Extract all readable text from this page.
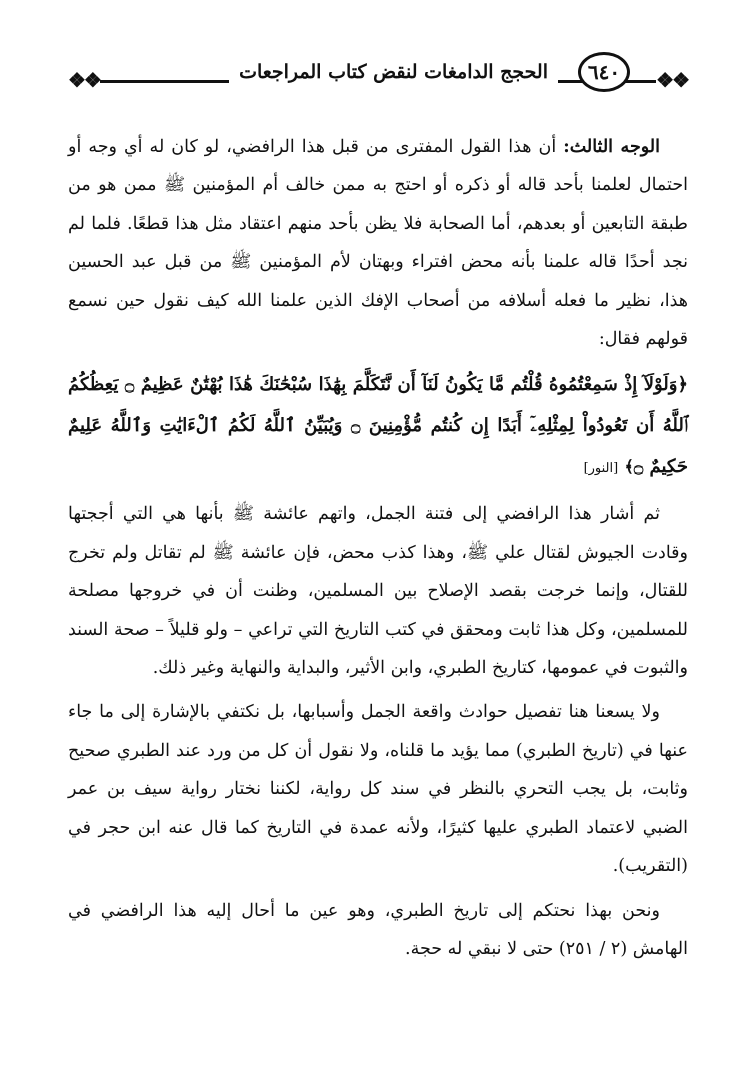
❖❖
٦٤٠
الحجج الدامغات لنقض كتاب المراجعات
❖❖

الوجه الثالث: أن هذا القول المفترى من قبل هذا الرافضي، لو كان له أي وجه أو احتمال لعلمنا بأحد قاله أو ذكره أو احتج به ممن خالف أم المؤمنين ﷺ ممن هو من طبقة التابعين أو بعدهم، أما الصحابة فلا يظن بأحد منهم اعتقاد مثل هذا قطعًا. فلما لم نجد أحدًا قاله علمنا بأنه محض افتراء وبهتان لأم المؤمنين ﷺ من قبل عبد الحسين هذا، نظير ما فعله أسلافه من أصحاب الإفك الذين علمنا الله كيف نقول حين نسمع قولهم فقال:

﴿وَلَوْلَآ إِذْ سَمِعْتُمُوهُ قُلْتُم مَّا يَكُونُ لَنَآ أَن نَّتَكَلَّمَ بِهَٰذَا سُبْحَٰنَكَ هَٰذَا بُهْتَٰنٌ عَظِيمٌ ۝ يَعِظُكُمُ ٱللَّهُ أَن تَعُودُواْ لِمِثْلِهِۦٓ أَبَدًا إِن كُنتُم مُّؤْمِنِينَ ۝ وَيُبَيِّنُ ٱللَّهُ لَكُمُ ٱلْءَايَٰتِ وَٱللَّهُ عَلِيمٌ حَكِيمٌ ۝﴾ [النور]

ثم أشار هذا الرافضي إلى فتنة الجمل، واتهم عائشة ﷺ بأنها هي التي أججتها وقادت الجيوش لقتال علي ﷺ، وهذا كذب محض، فإن عائشة ﷺ لم تقاتل ولم تخرج للقتال، وإنما خرجت بقصد الإصلاح بين المسلمين، وظنت أن في خروجها مصلحة للمسلمين، وكل هذا ثابت ومحقق في كتب التاريخ التي تراعي – ولو قليلاً – صحة السند والثبوت في عمومها، كتاريخ الطبري، وابن الأثير، والبداية والنهاية وغير ذلك.

ولا يسعنا هنا تفصيل حوادث واقعة الجمل وأسبابها، بل نكتفي بالإشارة إلى ما جاء عنها في (تاريخ الطبري) مما يؤيد ما قلناه، ولا نقول أن كل من ورد عند الطبري صحيح وثابت، بل يجب التحري بالنظر في سند كل رواية، لكننا نختار رواية سيف بن عمر الضبي لاعتماد الطبري عليها كثيرًا، ولأنه عمدة في التاريخ كما قال عنه ابن حجر في (التقريب).

ونحن بهذا نحتكم إلى تاريخ الطبري، وهو عين ما أحال إليه هذا الرافضي في الهامش (٢ / ٢٥١) حتى لا نبقي له حجة.
